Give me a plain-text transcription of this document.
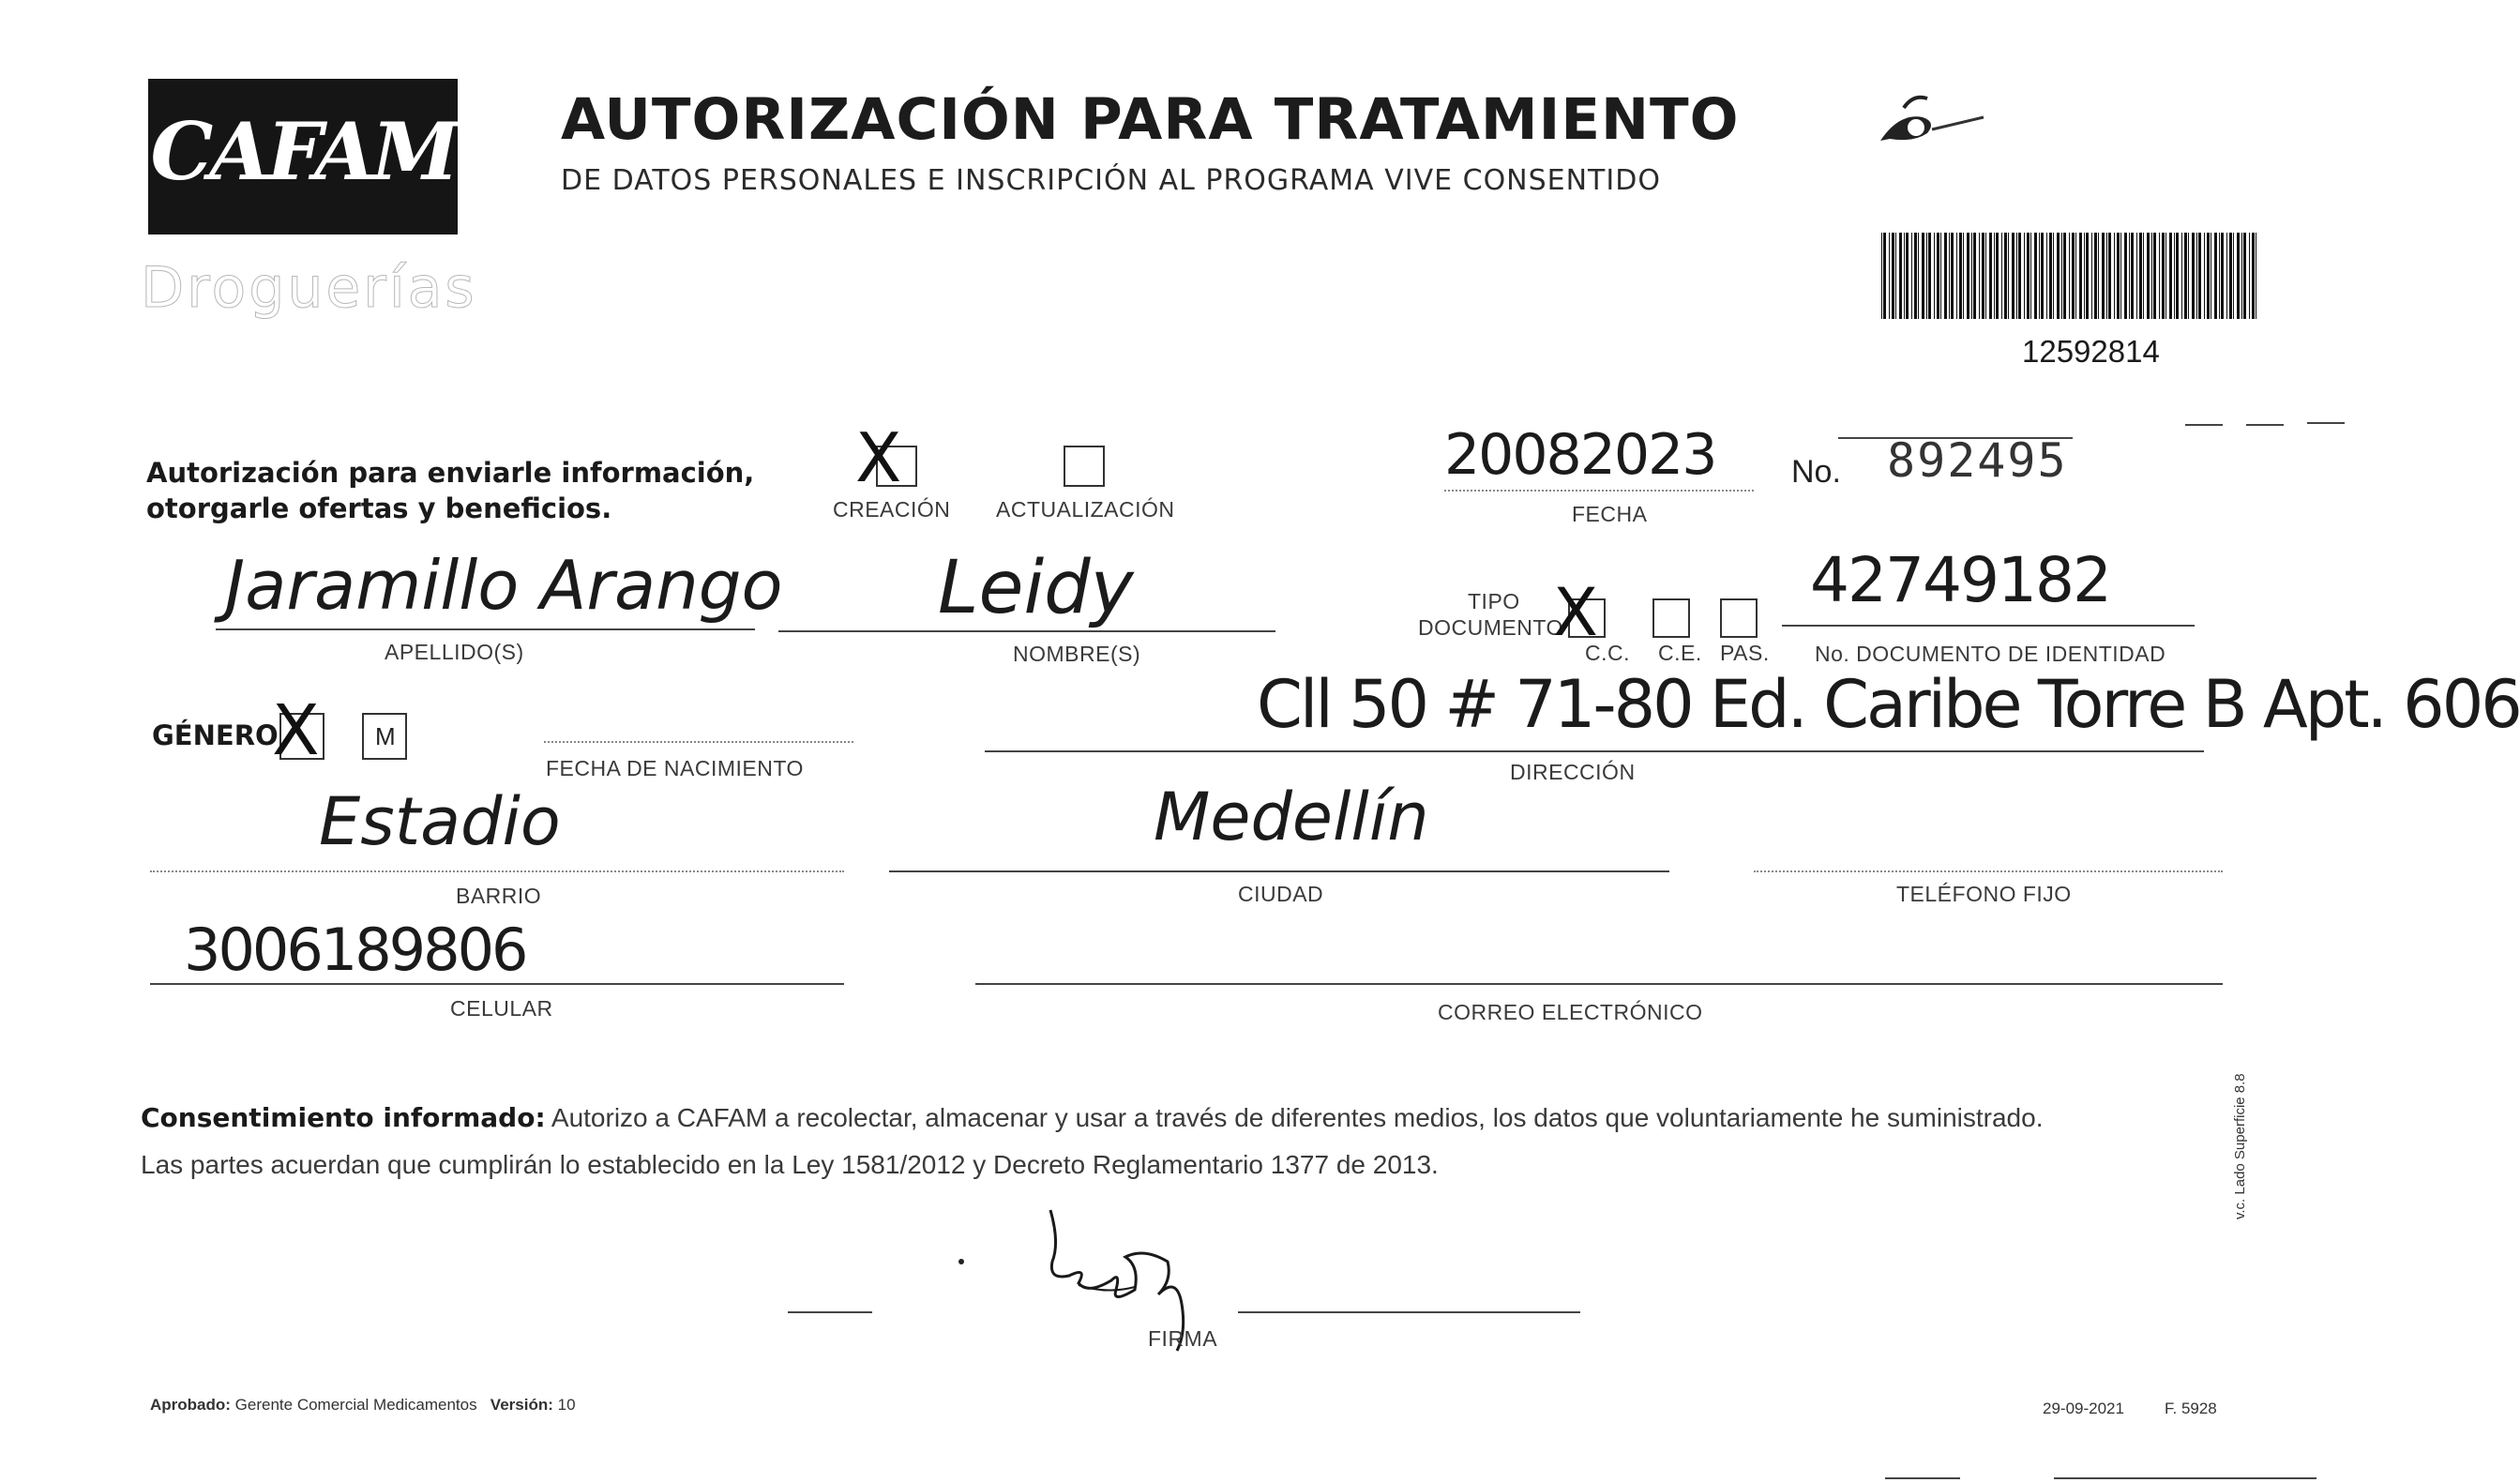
CAFAM
Droguerías
AUTORIZACIÓN PARA TRATAMIENTO
DE DATOS PERSONALES E INSCRIPCIÓN AL PROGRAMA VIVE CONSENTIDO
12592814
Autorización para enviarle información,
otorgarle ofertas y beneficios.
X
CREACIÓN ACTUALIZACIÓN
20082023
FECHA
No. 892495
Jaramillo Arango
APELLIDO(S)
Leidy
NOMBRE(S)
TIPO
DOCUMENTO
X
C.C. C.E. PAS.
42749182
No. DOCUMENTO DE IDENTIDAD
GÉNERO
X M
FECHA DE NACIMIENTO
Cll 50 # 71-80 Ed. Caribe Torre B Apt. 606
DIRECCIÓN
Estadio
BARRIO
Medellín
CIUDAD	TELÉFONO FIJO
3006189806
CELULAR	CORREO ELECTRÓNICO
Consentimiento informado: Autorizo a CAFAM a recolectar, almacenar y usar a través de diferentes medios, los datos que voluntariamente he suministrado.
Las partes acuerdan que cumplirán lo establecido en la Ley 1581/2012 y Decreto Reglamentario 1377 de 2013.
FIRMA
Aprobado: Gerente Comercial Medicamentos Versión: 10	29-09-2021	F. 5928
v.c. Lado Superficie 8.8
